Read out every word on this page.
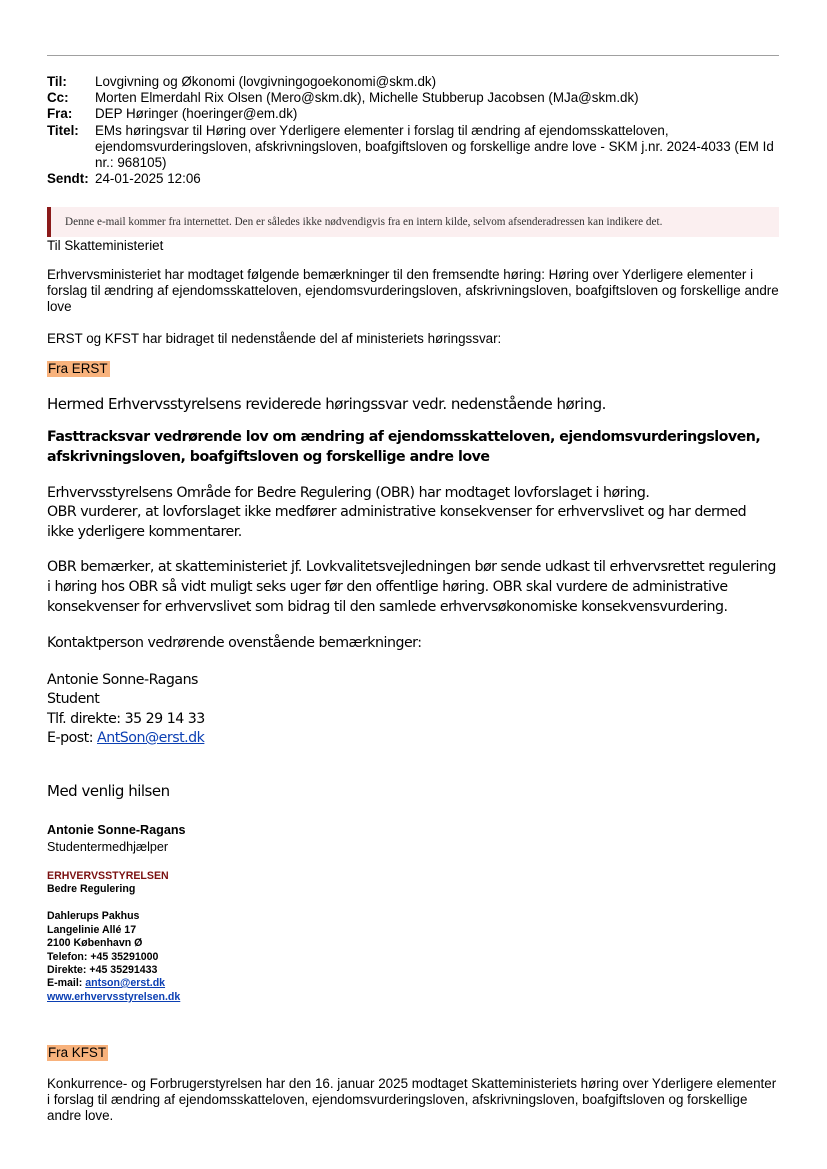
Til:	Lovgivning og Økonomi (lovgivningogoekonomi@skm.dk)
Cc:	Morten Elmerdahl Rix Olsen (Mero@skm.dk), Michelle Stubberup Jacobsen (MJa@skm.dk)
Fra:	DEP Høringer (hoeringer@em.dk)
Titel:	EMs høringsvar til Høring over Yderligere elementer i forslag til ændring af ejendomsskatteloven, ejendomsvurderingsloven, afskrivningsloven, boafgiftsloven og forskellige andre love - SKM j.nr. 2024-4033 (EM Id nr.: 968105)
Sendt: 24-01-2025 12:06
Denne e-mail kommer fra internettet. Den er således ikke nødvendigvis fra en intern kilde, selvom afsenderadressen kan indikere det.
Til Skatteministeriet
Erhvervsministeriet har modtaget følgende bemærkninger til den fremsendte høring: Høring over Yderligere elementer i forslag til ændring af ejendomsskatteloven, ejendomsvurderingsloven, afskrivningsloven, boafgiftsloven og forskellige andre love
ERST og KFST har bidraget til nedenstående del af ministeriets høringssvar:
Fra ERST
Hermed Erhvervsstyrelsens reviderede høringssvar vedr. nedenstående høring.
Fasttracksvar vedrørende lov om ændring af ejendomsskatteloven, ejendomsvurderingsloven, afskrivningsloven, boafgiftsloven og forskellige andre love
Erhvervsstyrelsens Område for Bedre Regulering (OBR) har modtaget lovforslaget i høring.
OBR vurderer, at lovforslaget ikke medfører administrative konsekvenser for erhvervslivet og har dermed ikke yderligere kommentarer.
OBR bemærker, at skatteministeriet jf. Lovkvalitetsvejledningen bør sende udkast til erhvervsrettet regulering i høring hos OBR så vidt muligt seks uger før den offentlige høring. OBR skal vurdere de administrative konsekvenser for erhvervslivet som bidrag til den samlede erhvervsøkonomiske konsekvensvurdering.
Kontaktperson vedrørende ovenstående bemærkninger:
Antonie Sonne-Ragans
Student
Tlf. direkte: 35 29 14 33
E-post: AntSon@erst.dk
Med venlig hilsen
Antonie Sonne-Ragans
Studentermedhjælper
ERHVERVSSTYRELSEN
Bedre Regulering
Dahlerups Pakhus
Langelinie Allé 17
2100 København Ø
Telefon: +45 35291000
Direkte: +45 35291433
E-mail: antson@erst.dk
www.erhvervsstyrelsen.dk
Fra KFST
Konkurrence- og Forbrugerstyrelsen har den 16. januar 2025 modtaget Skatteministeriets høring over Yderligere elementer i forslag til ændring af ejendomsskatteloven, ejendomsvurderingsloven, afskrivningsloven, boafgiftsloven og forskellige andre love.
